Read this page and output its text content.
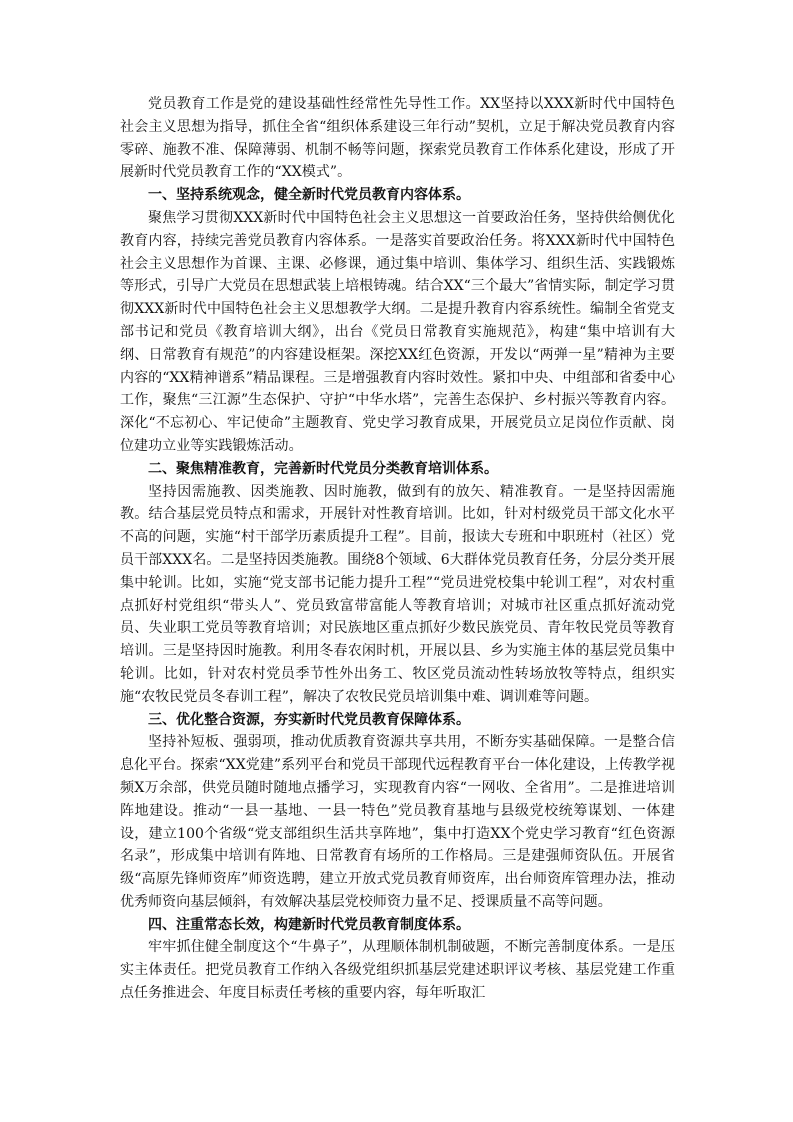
党员教育工作是党的建设基础性经常性先导性工作。XX坚持以XXX新时代中国特色社会主义思想为指导，抓住全省“组织体系建设三年行动”契机，立足于解决党员教育内容零碎、施教不准、保障薄弱、机制不畅等问题，探索党员教育工作体系化建设，形成了开展新时代党员教育工作的“XX模式”。

一、坚持系统观念，健全新时代党员教育内容体系。

聚焦学习贯彻XXX新时代中国特色社会主义思想这一首要政治任务，坚持供给侧优化教育内容，持续完善党员教育内容体系。一是落实首要政治任务。将XXX新时代中国特色社会主义思想作为首课、主课、必修课，通过集中培训、集体学习、组织生活、实践锻炼等形式，引导广大党员在思想武装上培根铸魂。结合XX“三个最大”省情实际，制定学习贯彻XXX新时代中国特色社会主义思想教学大纲。二是提升教育内容系统性。编制全省党支部书记和党员《教育培训大纲》，出台《党员日常教育实施规范》，构建“集中培训有大纲、日常教育有规范”的内容建设框架。深挖XX红色资源，开发以“两弹一星”精神为主要内容的“XX精神谱系”精品课程。三是增强教育内容时效性。紧扣中央、中组部和省委中心工作，聚焦“三江源”生态保护、守护“中华水塔”，完善生态保护、乡村振兴等教育内容。深化“不忘初心、牢记使命”主题教育、党史学习教育成果，开展党员立足岗位作贡献、岗位建功立业等实践锻炼活动。

二、聚焦精准教育，完善新时代党员分类教育培训体系。

坚持因需施教、因类施教、因时施教，做到有的放矢、精准教育。一是坚持因需施教。结合基层党员特点和需求，开展针对性教育培训。比如，针对村级党员干部文化水平不高的问题，实施“村干部学历素质提升工程”。目前，报读大专班和中职班村（社区）党员干部XXX名。二是坚持因类施教。围绕8个领域、6大群体党员教育任务，分层分类开展集中轮训。比如，实施“党支部书记能力提升工程”“党员进党校集中轮训工程”，对农村重点抓好村党组织“带头人”、党员致富带富能人等教育培训；对城市社区重点抓好流动党员、失业职工党员等教育培训；对民族地区重点抓好少数民族党员、青年牧民党员等教育培训。三是坚持因时施教。利用冬春农闲时机，开展以县、乡为实施主体的基层党员集中轮训。比如，针对农村党员季节性外出务工、牧区党员流动性转场放牧等特点，组织实施“农牧民党员冬春训工程”，解决了农牧民党员培训集中难、调训难等问题。

三、优化整合资源，夯实新时代党员教育保障体系。

坚持补短板、强弱项，推动优质教育资源共享共用，不断夯实基础保障。一是整合信息化平台。探索“XX党建”系列平台和党员干部现代远程教育平台一体化建设，上传教学视频X万余部，供党员随时随地点播学习，实现教育内容“一网收、全省用”。二是推进培训阵地建设。推动“一县一基地、一县一特色”党员教育基地与县级党校统筹谋划、一体建设，建立100个省级“党支部组织生活共享阵地”，集中打造XX个党史学习教育“红色资源名录”，形成集中培训有阵地、日常教育有场所的工作格局。三是建强师资队伍。开展省级“高原先锋师资库”师资选聘，建立开放式党员教育师资库，出台师资库管理办法，推动优秀师资向基层倾斜，有效解决基层党校师资力量不足、授课质量不高等问题。

四、注重常态长效，构建新时代党员教育制度体系。

牢牢抓住健全制度这个“牛鼻子”，从理顺体制机制破题，不断完善制度体系。一是压实主体责任。把党员教育工作纳入各级党组织抓基层党建述职评议考核、基层党建工作重点任务推进会、年度目标责任考核的重要内容，每年听取汇
